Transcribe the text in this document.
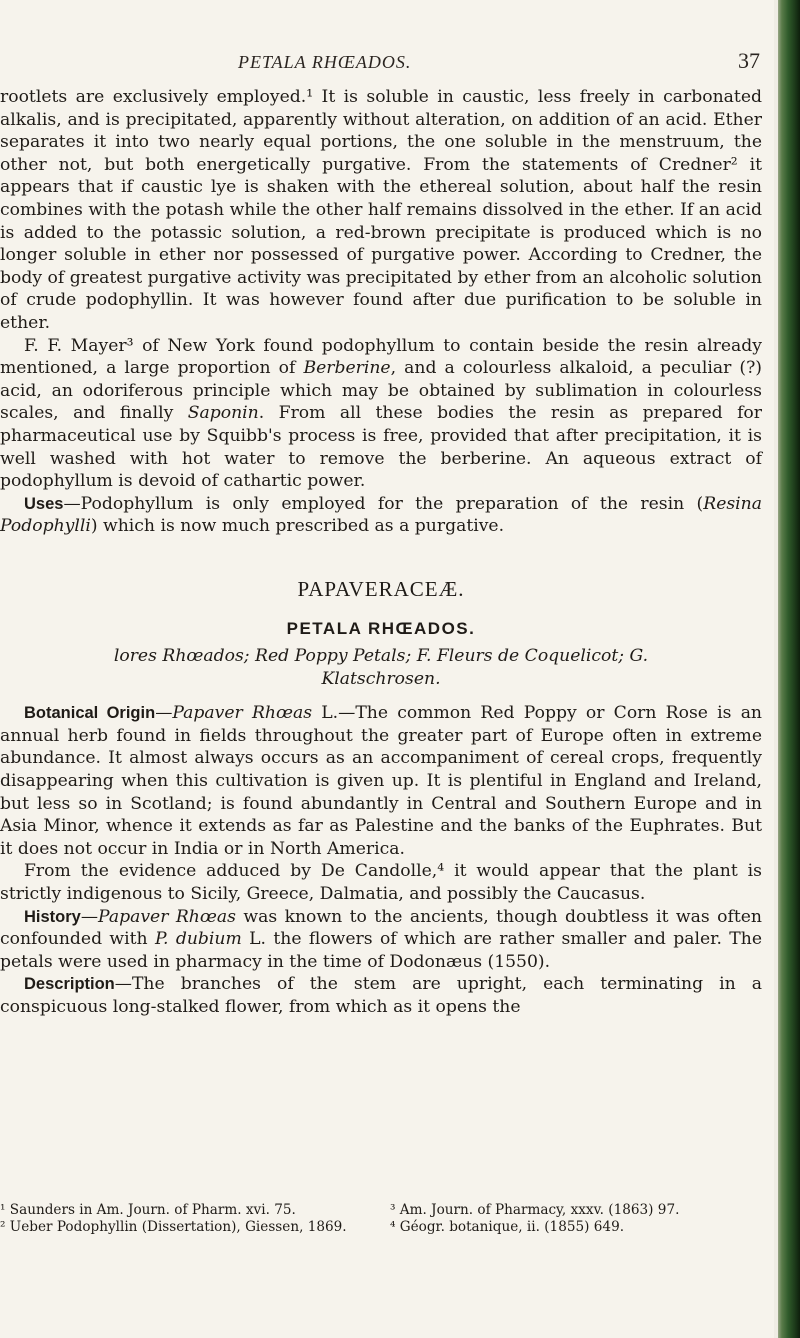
PETALA RHŒADOS.	37

rootlets are exclusively employed.¹ It is soluble in caustic, less freely in carbonated alkalis, and is precipitated, apparently without alteration, on addition of an acid. Ether separates it into two nearly equal portions, the one soluble in the menstruum, the other not, but both energetically purgative. From the statements of Credner² it appears that if caustic lye is shaken with the ethereal solution, about half the resin combines with the potash while the other half remains dissolved in the ether. If an acid is added to the potassic solution, a red-brown precipitate is produced which is no longer soluble in ether nor possessed of purgative power. According to Credner, the body of greatest purgative activity was precipitated by ether from an alcoholic solution of crude podophyllin. It was however found after due purification to be soluble in ether.

F. F. Mayer³ of New York found podophyllum to contain beside the resin already mentioned, a large proportion of Berberine, and a colourless alkaloid, a peculiar (?) acid, an odoriferous principle which may be obtained by sublimation in colourless scales, and finally Saponin. From all these bodies the resin as prepared for pharmaceutical use by Squibb's process is free, provided that after precipitation, it is well washed with hot water to remove the berberine. An aqueous extract of podophyllum is devoid of cathartic power.

Uses—Podophyllum is only employed for the preparation of the resin (Resina Podophylli) which is now much prescribed as a purgative.

PAPAVERACEÆ.
PETALA RHŒADOS.
lores Rhœados; Red Poppy Petals; F. Fleurs de Coquelicot; G.
Klatschrosen.

Botanical Origin—Papaver Rhœas L.—The common Red Poppy or Corn Rose is an annual herb found in fields throughout the greater part of Europe often in extreme abundance. It almost always occurs as an accompaniment of cereal crops, frequently disappearing when this cultivation is given up. It is plentiful in England and Ireland, but less so in Scotland; is found abundantly in Central and Southern Europe and in Asia Minor, whence it extends as far as Palestine and the banks of the Euphrates. But it does not occur in India or in North America.

From the evidence adduced by De Candolle,⁴ it would appear that the plant is strictly indigenous to Sicily, Greece, Dalmatia, and possibly the Caucasus.

History—Papaver Rhœas was known to the ancients, though doubtless it was often confounded with P. dubium L. the flowers of which are rather smaller and paler. The petals were used in pharmacy in the time of Dodonæus (1550).

Description—The branches of the stem are upright, each terminating in a conspicuous long-stalked flower, from which as it opens the

¹ Saunders in Am. Journ. of Pharm. xvi. 75.	³ Am. Journ. of Pharmacy, xxxv. (1863) 97.
² Ueber Podophyllin (Dissertation), Giessen, 1869.	⁴ Géogr. botanique, ii. (1855) 649.
